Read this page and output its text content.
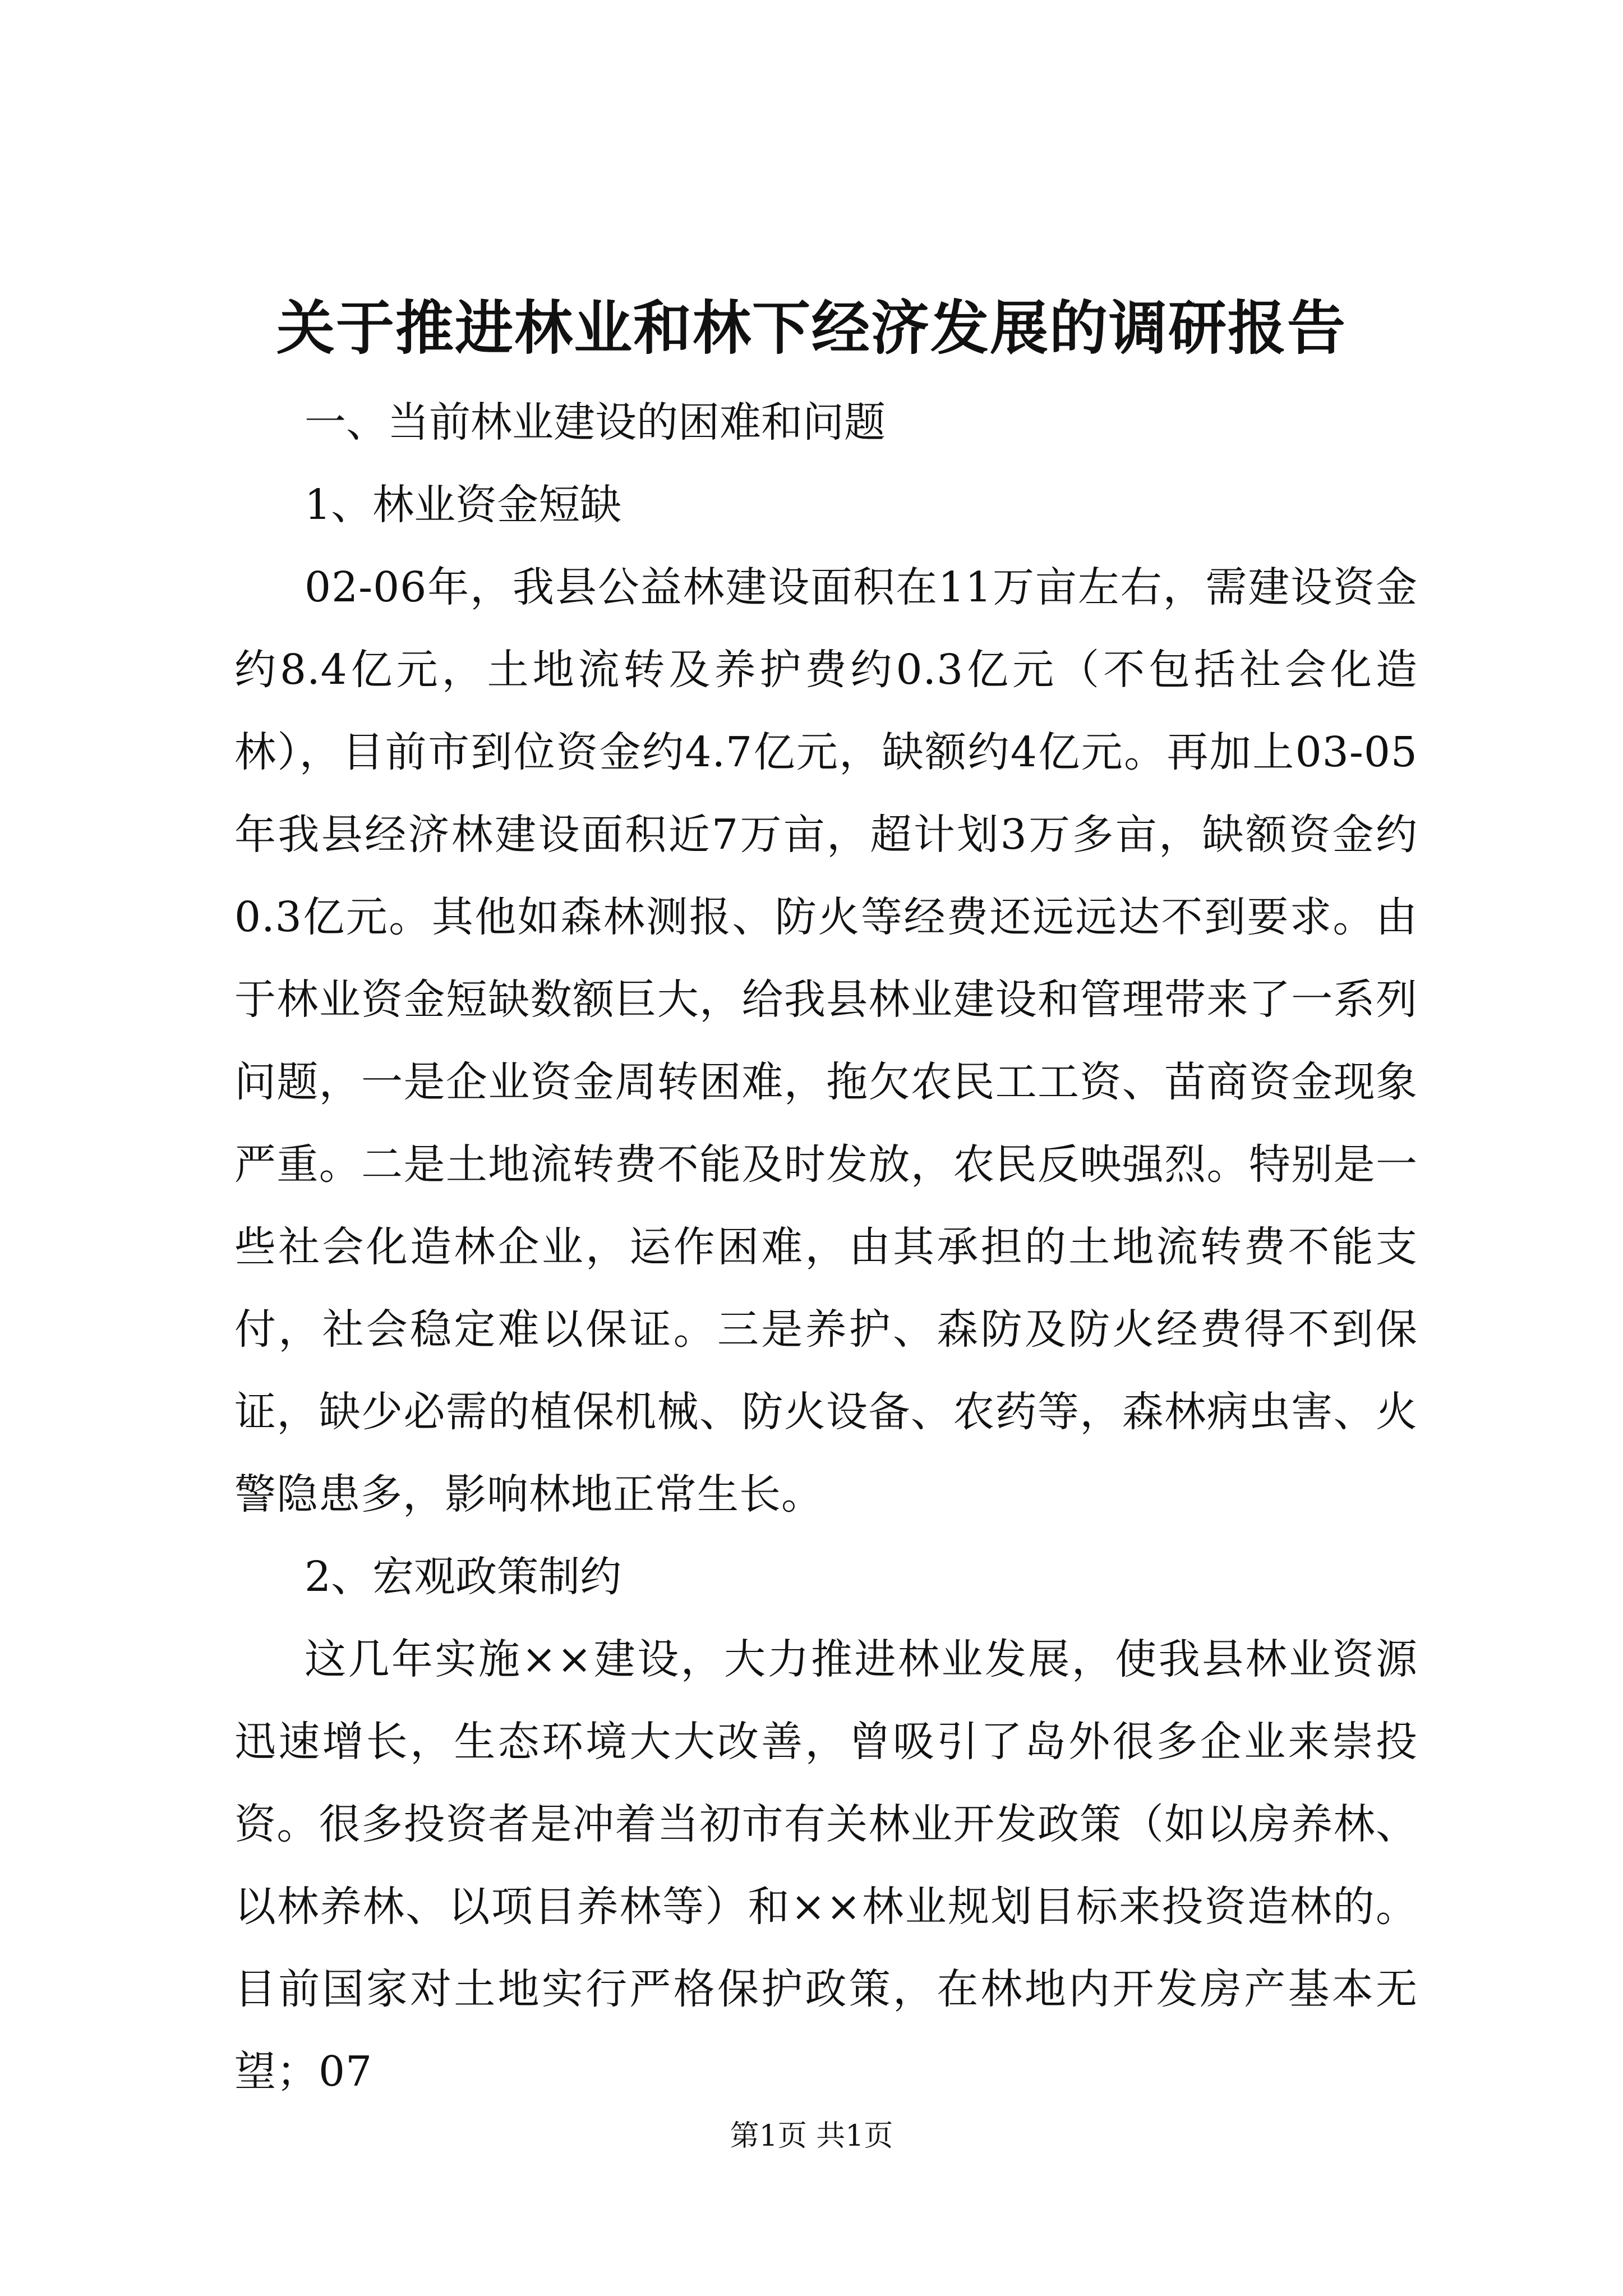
关于推进林业和林下经济发展的调研报告

一、当前林业建设的困难和问题

1、林业资金短缺

02-06年，我县公益林建设面积在11万亩左右，需建设资金约8.4亿元，土地流转及养护费约0.3亿元（不包括社会化造林），目前市到位资金约4.7亿元，缺额约4亿元。再加上03-05年我县经济林建设面积近7万亩，超计划3万多亩，缺额资金约0.3亿元。其他如森林测报、防火等经费还远远达不到要求。由于林业资金短缺数额巨大，给我县林业建设和管理带来了一系列问题，一是企业资金周转困难，拖欠农民工工资、苗商资金现象严重。二是土地流转费不能及时发放，农民反映强烈。特别是一些社会化造林企业，运作困难，由其承担的土地流转费不能支付，社会稳定难以保证。三是养护、森防及防火经费得不到保证，缺少必需的植保机械、防火设备、农药等，森林病虫害、火警隐患多，影响林地正常生长。

2、宏观政策制约

这几年实施××建设，大力推进林业发展，使我县林业资源迅速增长，生态环境大大改善，曾吸引了岛外很多企业来崇投资。很多投资者是冲着当初市有关林业开发政策（如以房养林、以林养林、以项目养林等）和××林业规划目标来投资造林的。目前国家对土地实行严格保护政策，在林地内开发房产基本无望；07

第1页 共1页
